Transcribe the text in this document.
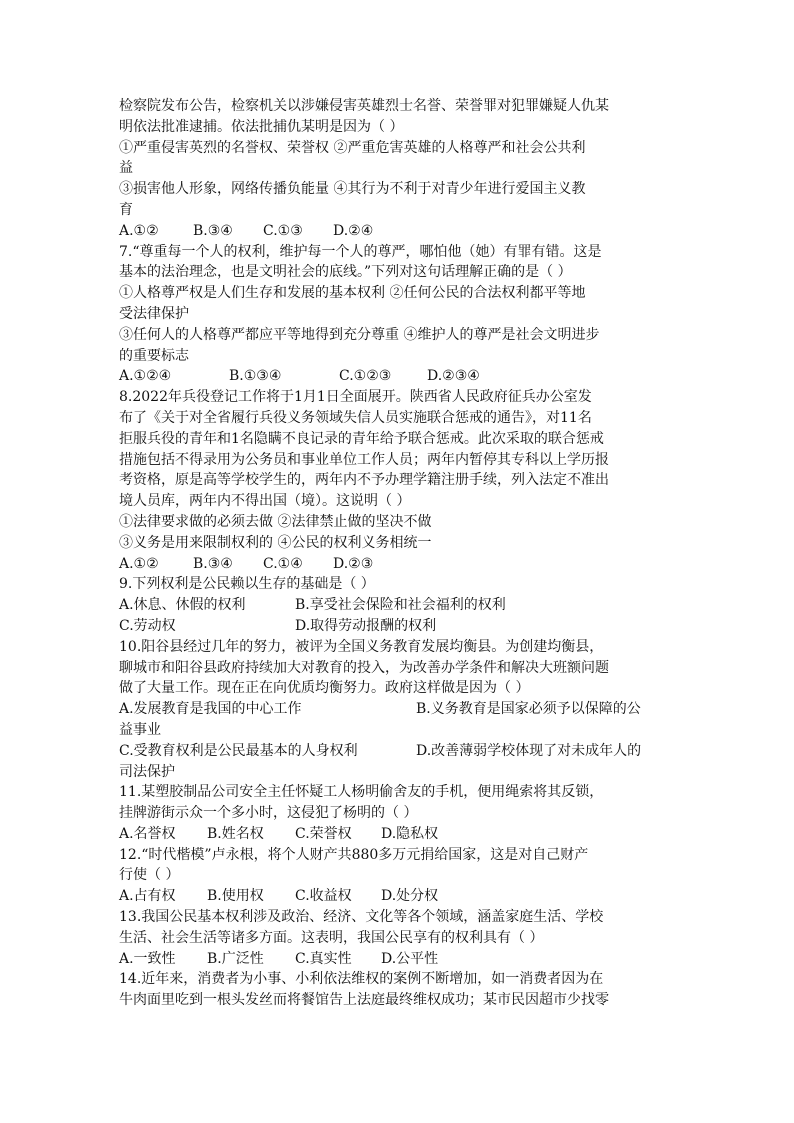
检察院发布公告，检察机关以涉嫌侵害英雄烈士名誉、荣誉罪对犯罪嫌疑人仇某
明依法批准逮捕。依法批捕仇某明是因为（ ）
①严重侵害英烈的名誉权、荣誉权 ②严重危害英雄的人格尊严和社会公共利
益
③损害他人形象，网络传播负能量 ④其行为不利于对青少年进行爱国主义教
育
A.①②	B.③④	C.①③	D.②④
7.“尊重每一个人的权利，维护每一个人的尊严，哪怕他（她）有罪有错。这是
基本的法治理念，也是文明社会的底线。”下列对这句话理解正确的是（ ）
①人格尊严权是人们生存和发展的基本权利 ②任何公民的合法权利都平等地
受法律保护
③任何人的人格尊严都应平等地得到充分尊重 ④维护人的尊严是社会文明进步
的重要标志
A.①②④	B.①③④	C.①②③	D.②③④
8.2022年兵役登记工作将于1月1日全面展开。陕西省人民政府征兵办公室发
布了《关于对全省履行兵役义务领域失信人员实施联合惩戒的通告》，对11名
拒服兵役的青年和1名隐瞒不良记录的青年给予联合惩戒。此次采取的联合惩戒
措施包括不得录用为公务员和事业单位工作人员；两年内暂停其专科以上学历报
考资格，原是高等学校学生的，两年内不予办理学籍注册手续，列入法定不准出
境人员库，两年内不得出国（境）。这说明（ ）
①法律要求做的必须去做 ②法律禁止做的坚决不做
③义务是用来限制权利的 ④公民的权利义务相统一
A.①②	B.③④	C.①④	D.②③
9.下列权利是公民赖以生存的基础是（ ）
A.休息、休假的权利	B.享受社会保险和社会福利的权利
C.劳动权	D.取得劳动报酬的权利
10.阳谷县经过几年的努力，被评为全国义务教育发展均衡县。为创建均衡县，
聊城市和阳谷县政府持续加大对教育的投入，为改善办学条件和解决大班额问题
做了大量工作。现在正在向优质均衡努力。政府这样做是因为（ ）
A.发展教育是我国的中心工作	B.义务教育是国家必须予以保障的公
益事业
C.受教育权利是公民最基本的人身权利	D.改善薄弱学校体现了对未成年人的
司法保护
11.某塑胶制品公司安全主任怀疑工人杨明偷舍友的手机，便用绳索将其反锁，
挂牌游街示众一个多小时，这侵犯了杨明的（ ）
A.名誉权	B.姓名权	C.荣誉权	D.隐私权
12.“时代楷模”卢永根，将个人财产共880多万元捐给国家，这是对自己财产
行使（ ）
A.占有权	B.使用权	C.收益权	D.处分权
13.我国公民基本权利涉及政治、经济、文化等各个领域，涵盖家庭生活、学校
生活、社会生活等诸多方面。这表明，我国公民享有的权利具有（ ）
A.一致性	B.广泛性	C.真实性	D.公平性
14.近年来，消费者为小事、小利依法维权的案例不断增加，如一消费者因为在
牛肉面里吃到一根头发丝而将餐馆告上法庭最终维权成功；某市民因超市少找零
